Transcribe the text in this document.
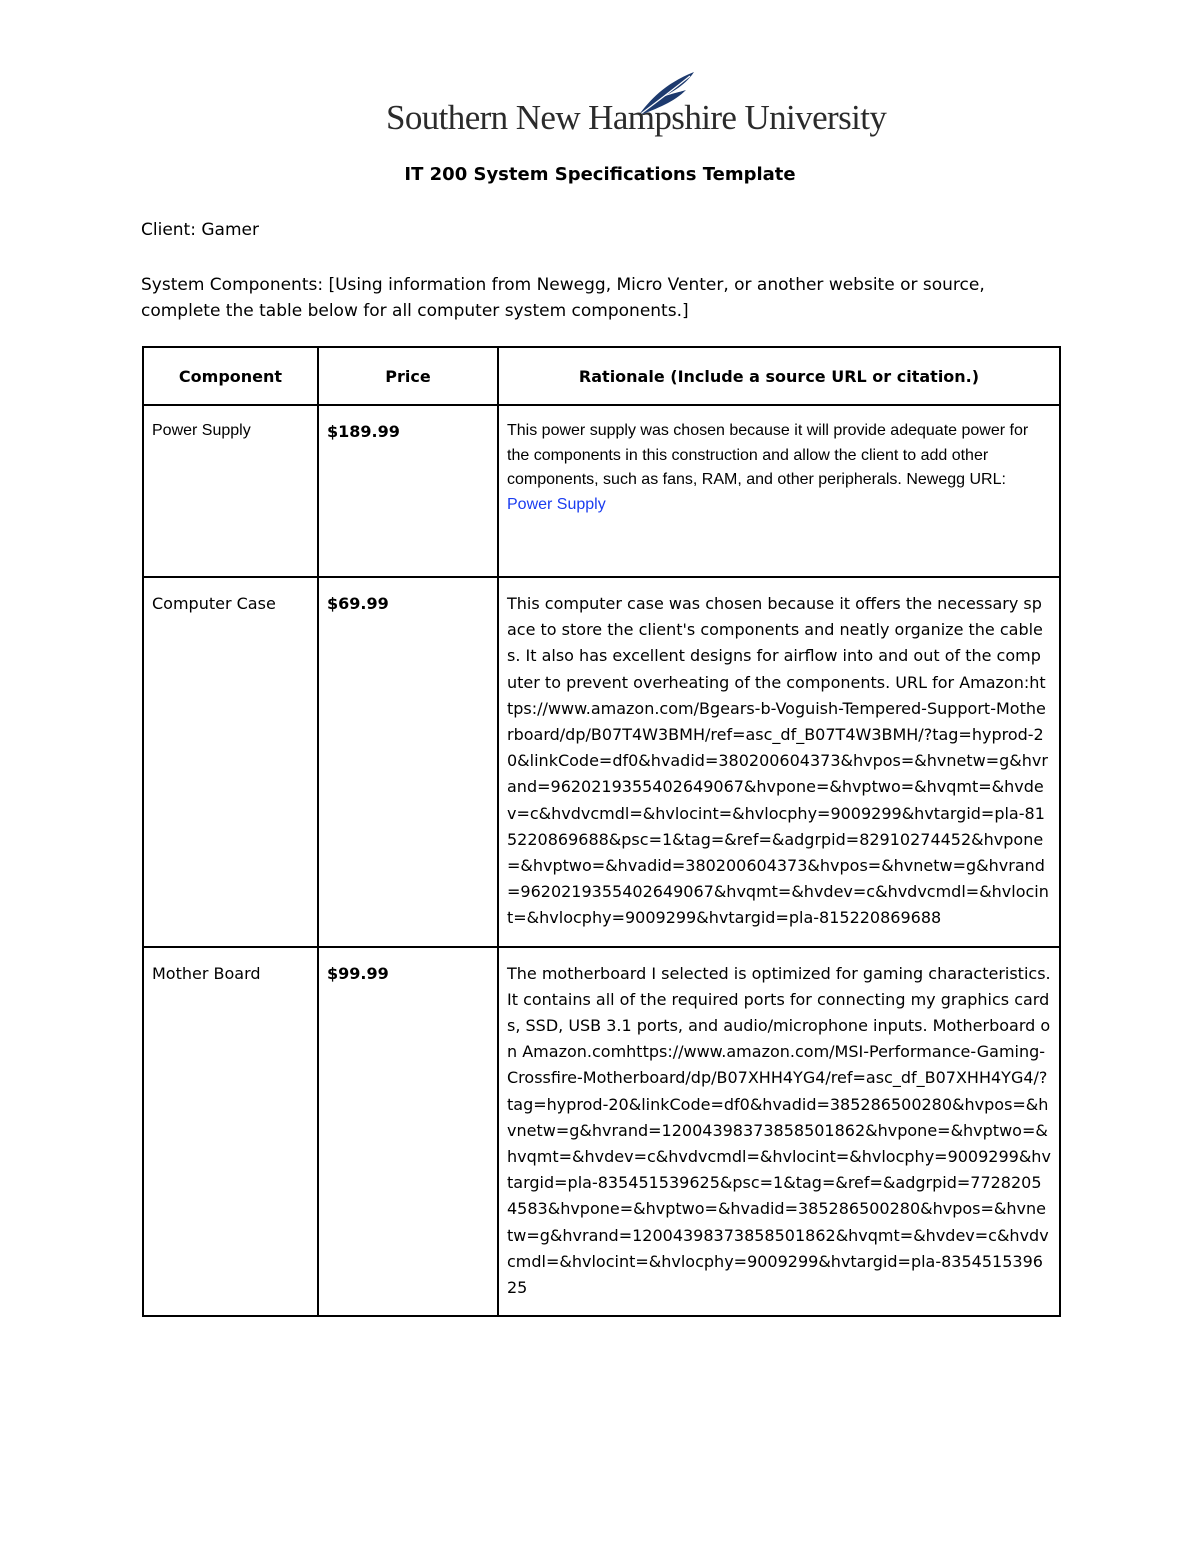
Southern New Hampshire University
IT 200 System Specifications Template
Client: Gamer
System Components: [Using information from Newegg, Micro Venter, or another website or source, complete the table below for all computer system components.]
Component	Price	Rationale (Include a source URL or citation.)
Power Supply	$189.99	This power supply was chosen because it will provide adequate power for the components in this construction and allow the client to add other components, such as fans, RAM, and other peripherals. Newegg URL: Power Supply
Computer Case	$69.99	This computer case was chosen because it offers the necessary space to store the client's components and neatly organize the cables. It also has excellent designs for airflow into and out of the computer to prevent overheating of the components. URL for Amazon:https://www.amazon.com/Bgears-b-Voguish-Tempered-Support-Motherboard/dp/B07T4W3BMH/ref=asc_df_B07T4W3BMH/?tag=hyprod-20&linkCode=df0&hvadid=380200604373&hvpos=&hvnetw=g&hvrand=9620219355402649067&hvpone=&hvptwo=&hvqmt=&hvdev=c&hvdvcmdl=&hvlocint=&hvlocphy=9009299&hvtargid=pla-815220869688&psc=1&tag=&ref=&adgrpid=82910274452&hvpone=&hvptwo=&hvadid=380200604373&hvpos=&hvnetw=g&hvrand=9620219355402649067&hvqmt=&hvdev=c&hvdvcmdl=&hvlocint=&hvlocphy=9009299&hvtargid=pla-815220869688
Mother Board	$99.99	The motherboard I selected is optimized for gaming characteristics. It contains all of the required ports for connecting my graphics cards, SSD, USB 3.1 ports, and audio/microphone inputs. Motherboard on Amazon.comhttps://www.amazon.com/MSI-Performance-Gaming-Crossfire-Motherboard/dp/B07XHH4YG4/ref=asc_df_B07XHH4YG4/?tag=hyprod-20&linkCode=df0&hvadid=385286500280&hvpos=&hvnetw=g&hvrand=12004398373858501862&hvpone=&hvptwo=&hvqmt=&hvdev=c&hvdvcmdl=&hvlocint=&hvlocphy=9009299&hvtargid=pla-835451539625&psc=1&tag=&ref=&adgrpid=77282054583&hvpone=&hvptwo=&hvadid=385286500280&hvpos=&hvnetw=g&hvrand=12004398373858501862&hvqmt=&hvdev=c&hvdvcmdl=&hvlocint=&hvlocphy=9009299&hvtargid=pla-835451539625
